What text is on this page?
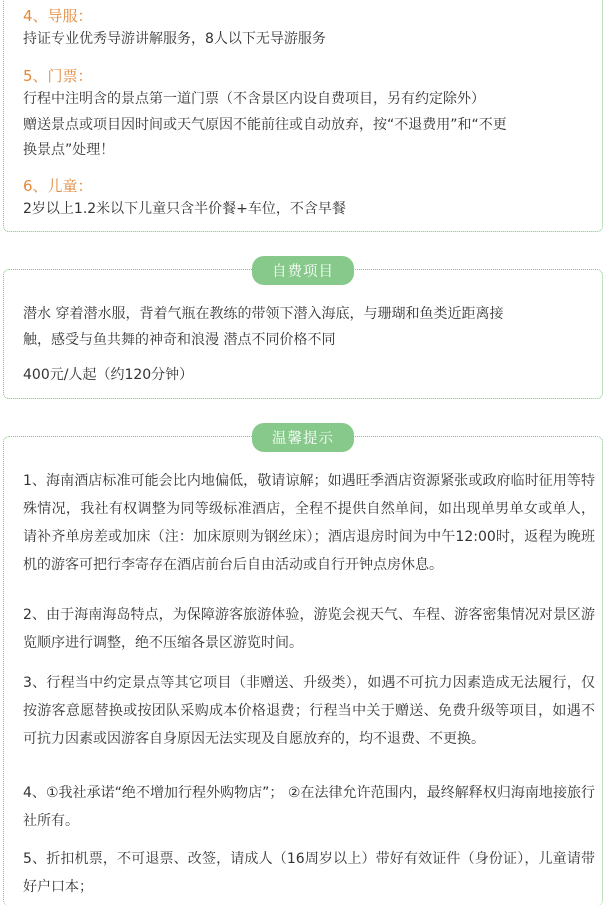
4、导服：
持证专业优秀导游讲解服务，8人以下无导游服务
5、门票：
行程中注明含的景点第一道门票（不含景区内设自费项目，另有约定除外）
赠送景点或项目因时间或天气原因不能前往或自动放弃，按“不退费用”和“不更
换景点”处理！
6、儿童：
2岁以上1.2米以下儿童只含半价餐+车位，不含早餐
自费项目
潜水 穿着潜水服，背着气瓶在教练的带领下潜入海底，与珊瑚和鱼类近距离接
触，感受与鱼共舞的神奇和浪漫 潜点不同价格不同
400元/人起（约120分钟）
温馨提示
1、海南酒店标准可能会比内地偏低，敬请谅解；如遇旺季酒店资源紧张或政府临时征用等特殊情况，我社有权调整为同等级标准酒店，全程不提供自然单间，如出现单男单女或单人，请补齐单房差或加床（注：加床原则为钢丝床）；酒店退房时间为中午12:00时，返程为晚班机的游客可把行李寄存在酒店前台后自由活动或自行开钟点房休息。
2、由于海南海岛特点，为保障游客旅游体验，游览会视天气、车程、游客密集情况对景区游览顺序进行调整，绝不压缩各景区游览时间。
3、行程当中约定景点等其它项目（非赠送、升级类），如遇不可抗力因素造成无法履行，仅按游客意愿替换或按团队采购成本价格退费；行程当中关于赠送、免费升级等项目，如遇不可抗力因素或因游客自身原因无法实现及自愿放弃的，均不退费、不更换。
4、①我社承诺“绝不增加行程外购物店”； ②在法律允许范围内，最终解释权归海南地接旅行社所有。
5、折扣机票，不可退票、改签，请成人（16周岁以上）带好有效证件（身份证），儿童请带好户口本；
